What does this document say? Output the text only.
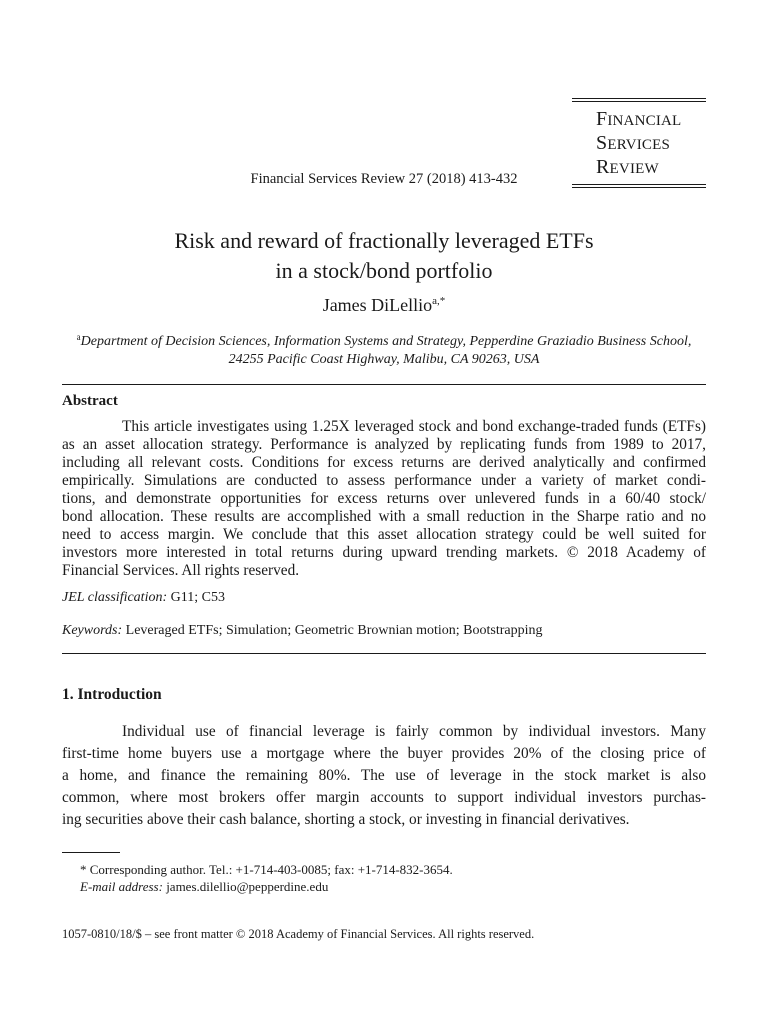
FINANCIAL
SERVICES
REVIEW
Financial Services Review 27 (2018) 413-432
Risk and reward of fractionally leveraged ETFs
in a stock/bond portfolio
James DiLellio$^{a,*}$
$^a$Department of Decision Sciences, Information Systems and Strategy, Pepperdine Graziadio Business School,
24255 Pacific Coast Highway, Malibu, CA 90263, USA
Abstract
This article investigates using 1.25X leveraged stock and bond exchange-traded funds (ETFs)
as an asset allocation strategy. Performance is analyzed by replicating funds from 1989 to 2017,
including all relevant costs. Conditions for excess returns are derived analytically and confirmed
empirically. Simulations are conducted to assess performance under a variety of market condi-
tions, and demonstrate opportunities for excess returns over unlevered funds in a 60/40 stock/
bond allocation. These results are accomplished with a small reduction in the Sharpe ratio and no
need to access margin. We conclude that this asset allocation strategy could be well suited for
investors more interested in total returns during upward trending markets. © 2018 Academy of
Financial Services. All rights reserved.
JEL classification: G11; C53
Keywords: Leveraged ETFs; Simulation; Geometric Brownian motion; Bootstrapping
1. Introduction
Individual use of financial leverage is fairly common by individual investors. Many
first-time home buyers use a mortgage where the buyer provides 20% of the closing price of
a home, and finance the remaining 80%. The use of leverage in the stock market is also
common, where most brokers offer margin accounts to support individual investors purchas-
ing securities above their cash balance, shorting a stock, or investing in financial derivatives.
* Corresponding author. Tel.: +1-714-403-0085; fax: +1-714-832-3654.
E-mail address: james.dilellio@pepperdine.edu
1057-0810/18/$ – see front matter © 2018 Academy of Financial Services. All rights reserved.
